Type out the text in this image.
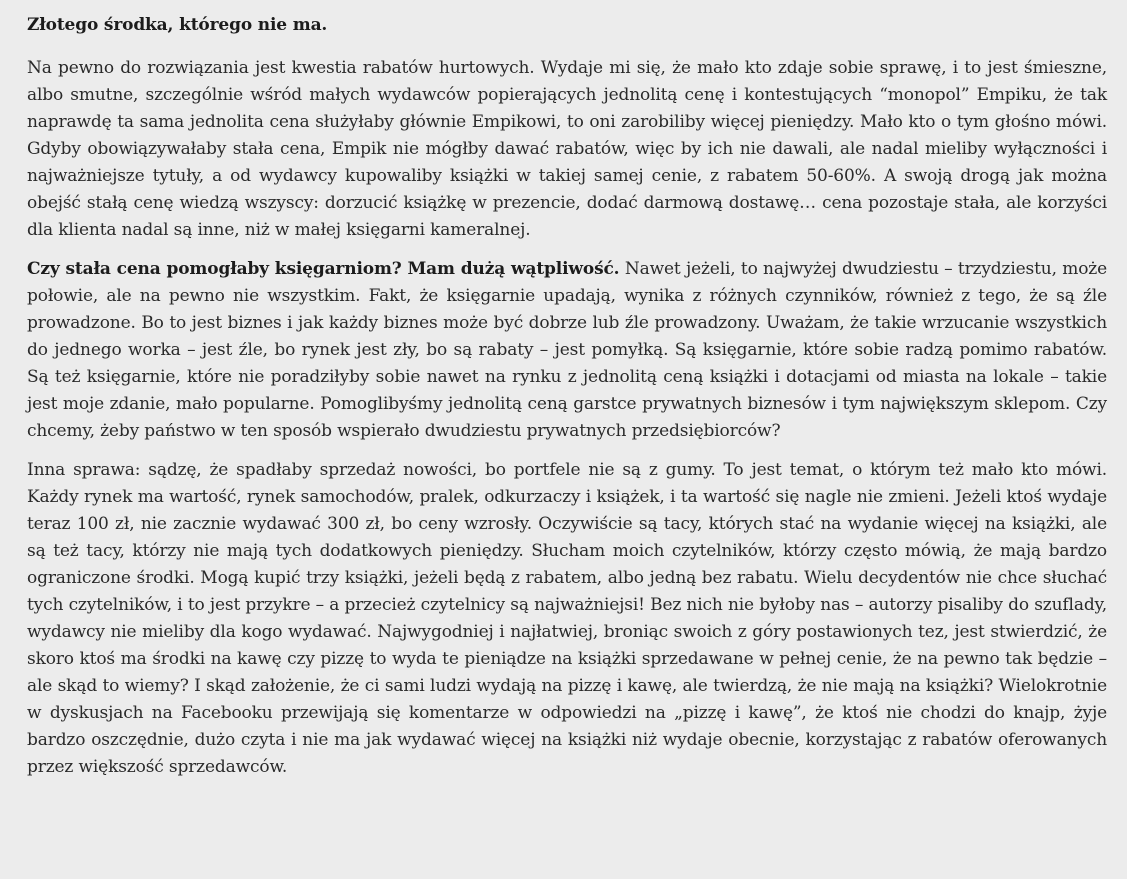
Złotego środka, którego nie ma.

Na pewno do rozwiązania jest kwestia rabatów hurtowych. Wydaje mi się, że mało kto zdaje sobie sprawę, i to jest śmieszne, albo smutne, szczególnie wśród małych wydawców popierających jednolitą cenę i kontestujących “monopol” Empiku, że tak naprawdę ta sama jednolita cena służyłaby głównie Empikowi, to oni zarobiliby więcej pieniędzy. Mało kto o tym głośno mówi. Gdyby obowiązywałaby stała cena, Empik nie mógłby dawać rabatów, więc by ich nie dawali, ale nadal mieliby wyłączności i najważniejsze tytuły, a od wydawcy kupowaliby książki w takiej samej cenie, z rabatem 50-60%. A swoją drogą jak można obejść stałą cenę wiedzą wszyscy: dorzucić książkę w prezencie, dodać darmową dostawę… cena pozostaje stała, ale korzyści dla klienta nadal są inne, niż w małej księgarni kameralnej.

Czy stała cena pomogłaby księgarniom? Mam dużą wątpliwość. Nawet jeżeli, to najwyżej dwudziestu – trzydziestu, może połowie, ale na pewno nie wszystkim. Fakt, że księgarnie upadają, wynika z różnych czynników, również z tego, że są źle prowadzone. Bo to jest biznes i jak każdy biznes może być dobrze lub źle prowadzony. Uważam, że takie wrzucanie wszystkich do jednego worka – jest źle, bo rynek jest zły, bo są rabaty – jest pomyłką. Są księgarnie, które sobie radzą pomimo rabatów. Są też księgarnie, które nie poradziłyby sobie nawet na rynku z jednolitą ceną książki i dotacjami od miasta na lokale – takie jest moje zdanie, mało popularne. Pomoglibyśmy jednolitą ceną garstce prywatnych biznesów i tym największym sklepom. Czy chcemy, żeby państwo w ten sposób wspierało dwudziestu prywatnych przedsiębiorców?

Inna sprawa: sądzę, że spadłaby sprzedaż nowości, bo portfele nie są z gumy. To jest temat, o którym też mało kto mówi. Każdy rynek ma wartość, rynek samochodów, pralek, odkurzaczy i książek, i ta wartość się nagle nie zmieni. Jeżeli ktoś wydaje teraz 100 zł, nie zacznie wydawać 300 zł, bo ceny wzrosły. Oczywiście są tacy, których stać na wydanie więcej na książki, ale są też tacy, którzy nie mają tych dodatkowych pieniędzy. Słucham moich czytelników, którzy często mówią, że mają bardzo ograniczone środki. Mogą kupić trzy książki, jeżeli będą z rabatem, albo jedną bez rabatu. Wielu decydentów nie chce słuchać tych czytelników, i to jest przykre – a przecież czytelnicy są najważniejsi! Bez nich nie byłoby nas – autorzy pisaliby do szuflady, wydawcy nie mieliby dla kogo wydawać. Najwygodniej i najłatwiej, broniąc swoich z góry postawionych tez, jest stwierdzić, że skoro ktoś ma środki na kawę czy pizzę to wyda te pieniądze na książki sprzedawane w pełnej cenie, że na pewno tak będzie – ale skąd to wiemy? I skąd założenie, że ci sami ludzi wydają na pizzę i kawę, ale twierdzą, że nie mają na książki? Wielokrotnie w dyskusjach na Facebooku przewijają się komentarze w odpowiedzi na „pizzę i kawę”, że ktoś nie chodzi do knajp, żyje bardzo oszczędnie, dużo czyta i nie ma jak wydawać więcej na książki niż wydaje obecnie, korzystając z rabatów oferowanych przez większość sprzedawców.
